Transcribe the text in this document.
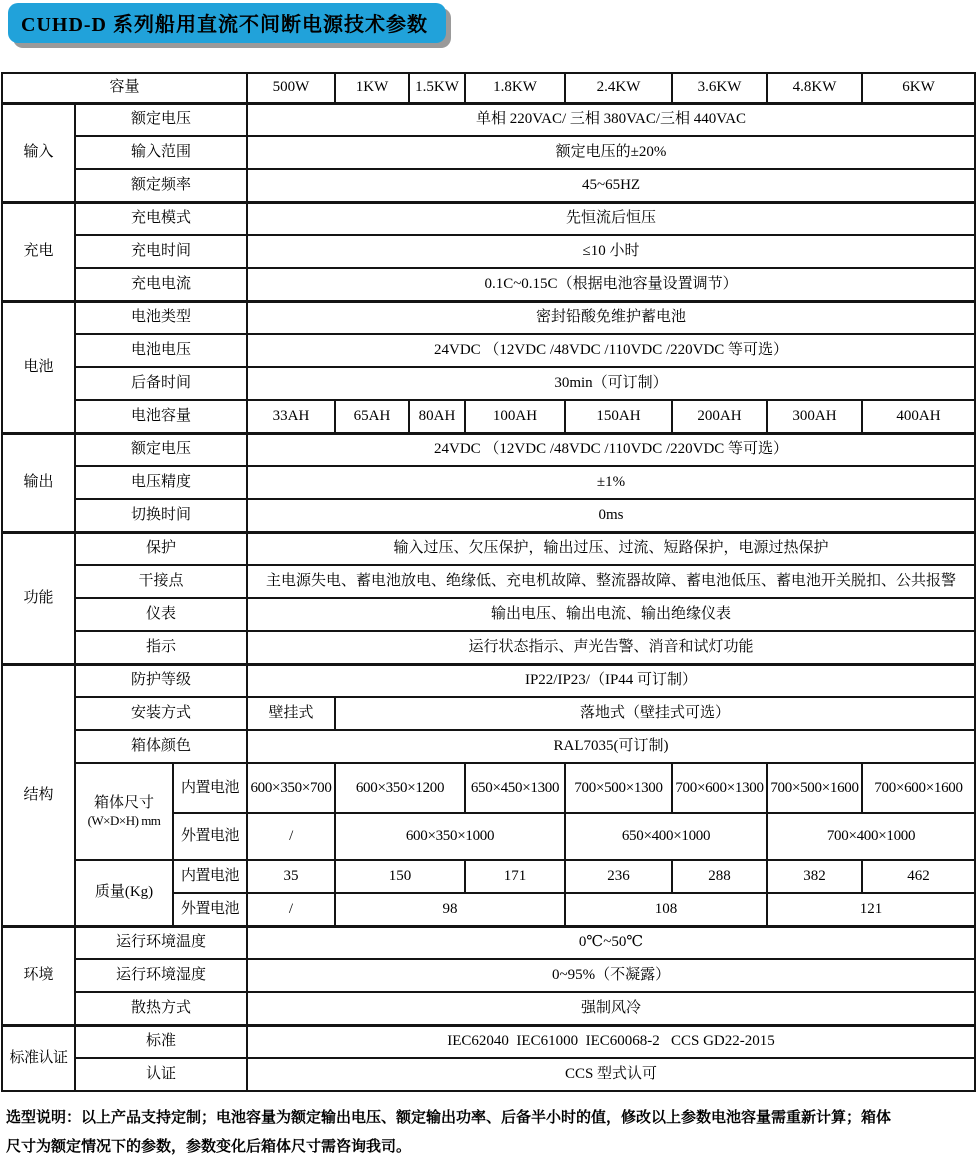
CUHD-D 系列船用直流不间断电源技术参数
容量			500W	1KW	1.5KW	1.8KW	2.4KW	3.6KW	4.8KW	6KW
输入	额定电压		单相 220VAC/ 三相 380VAC/三相 440VAC							
	输入范围		额定电压的±20%							
	额定频率		45~65HZ							
充电	充电模式		先恒流后恒压							
	充电时间		≤10 小时							
	充电电流		0.1C~0.15C（根据电池容量设置调节）							
电池	电池类型		密封铅酸免维护蓄电池							
	电池电压		24VDC （12VDC /48VDC /110VDC /220VDC 等可选）							
	后备时间		30min（可订制）							
	电池容量		33AH	65AH	80AH	100AH	150AH	200AH	300AH	400AH
输出	额定电压		24VDC （12VDC /48VDC /110VDC /220VDC 等可选）							
	电压精度		±1%							
	切换时间		0ms							
功能	保护		输入过压、欠压保护，输出过压、过流、短路保护，电源过热保护							
	干接点		主电源失电、蓄电池放电、绝缘低、充电机故障、整流器故障、蓄电池低压、蓄电池开关脱扣、公共报警							
	仪表		输出电压、输出电流、输出绝缘仪表							
	指示		运行状态指示、声光告警、消音和试灯功能							
结构	防护等级		IP22/IP23/（IP44 可订制）							
	安装方式		壁挂式	落地式（壁挂式可选）						
	箱体颜色		RAL7035(可订制)							
	箱体尺寸
(W×D×H) mm	内置电池	600×350×700	600×350×1200		650×450×1300	700×500×1300	700×600×1300	700×500×1600	700×600×1600
		外置电池	/	600×350×1000			650×400×1000		700×400×1000	
	质量(Kg)	内置电池	35	150		171	236	288	382	462
		外置电池	/	98			108		121	
环境	运行环境温度		0℃~50℃							
	运行环境湿度		0~95%（不凝露）							
	散热方式		强制风冷							
标准认证	标准		IEC62040  IEC61000  IEC60068-2   CCS GD22-2015							
	认证		CCS 型式认可							
选型说明：以上产品支持定制；电池容量为额定输出电压、额定输出功率、后备半小时的值，修改以上参数电池容量需重新计算；箱体
尺寸为额定情况下的参数，参数变化后箱体尺寸需咨询我司。
